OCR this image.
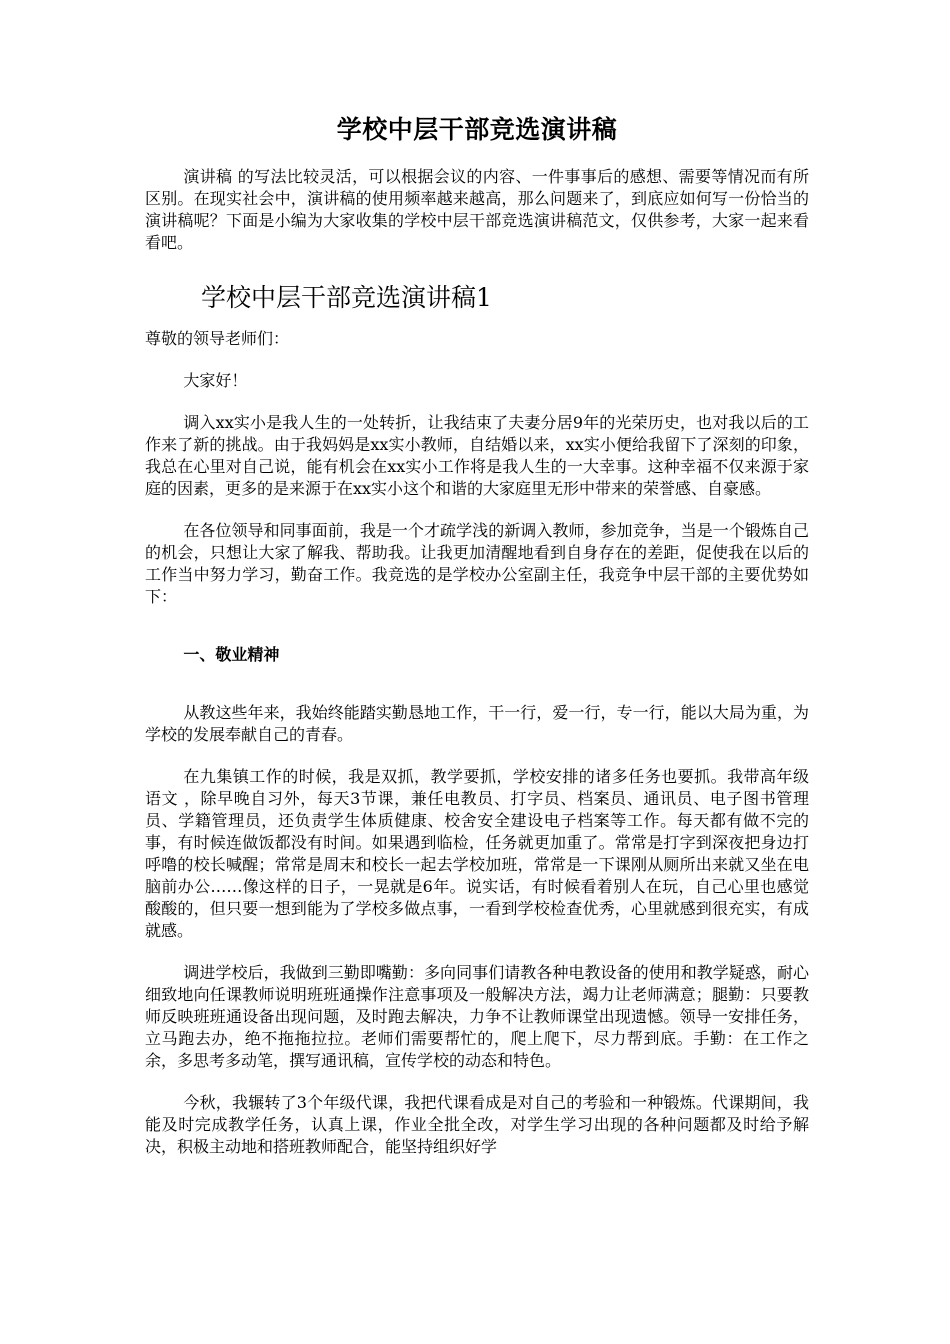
学校中层干部竞选演讲稿

演讲稿 的写法比较灵活，可以根据会议的内容、一件事事后的感想、需要等情况而有所区别。在现实社会中，演讲稿的使用频率越来越高，那么问题来了，到底应如何写一份恰当的演讲稿呢？下面是小编为大家收集的学校中层干部竞选演讲稿范文，仅供参考，大家一起来看看吧。

学校中层干部竞选演讲稿1

尊敬的领导老师们：

大家好！

调入xx实小是我人生的一处转折，让我结束了夫妻分居9年的光荣历史，也对我以后的工作来了新的挑战。由于我妈妈是xx实小教师，自结婚以来，xx实小便给我留下了深刻的印象，我总在心里对自己说，能有机会在xx实小工作将是我人生的一大幸事。这种幸福不仅来源于家庭的因素，更多的是来源于在xx实小这个和谐的大家庭里无形中带来的荣誉感、自豪感。

在各位领导和同事面前，我是一个才疏学浅的新调入教师，参加竞争，当是一个锻炼自己的机会，只想让大家了解我、帮助我。让我更加清醒地看到自身存在的差距，促使我在以后的工作当中努力学习，勤奋工作。我竞选的是学校办公室副主任，我竞争中层干部的主要优势如下：

一、敬业精神

从教这些年来，我始终能踏实勤恳地工作，干一行，爱一行，专一行，能以大局为重，为学校的发展奉献自己的青春。

在九集镇工作的时候，我是双抓，教学要抓，学校安排的诸多任务也要抓。我带高年级 语文 ，除早晚自习外，每天3节课，兼任电教员、打字员、档案员、通讯员、电子图书管理员、学籍管理员，还负责学生体质健康、校舍安全建设电子档案等工作。每天都有做不完的事，有时候连做饭都没有时间。如果遇到临检，任务就更加重了。常常是打字到深夜把身边打呼噜的校长喊醒；常常是周末和校长一起去学校加班，常常是一下课刚从厕所出来就又坐在电脑前办公……像这样的日子，一晃就是6年。说实话，有时候看着别人在玩，自己心里也感觉酸酸的，但只要一想到能为了学校多做点事，一看到学校检查优秀，心里就感到很充实，有成就感。

调进学校后，我做到三勤即嘴勤：多向同事们请教各种电教设备的使用和教学疑惑，耐心细致地向任课教师说明班班通操作注意事项及一般解决方法，竭力让老师满意；腿勤：只要教师反映班班通设备出现问题，及时跑去解决，力争不让教师课堂出现遗憾。领导一安排任务，立马跑去办，绝不拖拖拉拉。老师们需要帮忙的，爬上爬下，尽力帮到底。手勤：在工作之余，多思考多动笔，撰写通讯稿，宣传学校的动态和特色。

今秋，我辗转了3个年级代课，我把代课看成是对自己的考验和一种锻炼。代课期间，我能及时完成教学任务，认真上课，作业全批全改，对学生学习出现的各种问题都及时给予解决，积极主动地和搭班教师配合，能坚持组织好学
